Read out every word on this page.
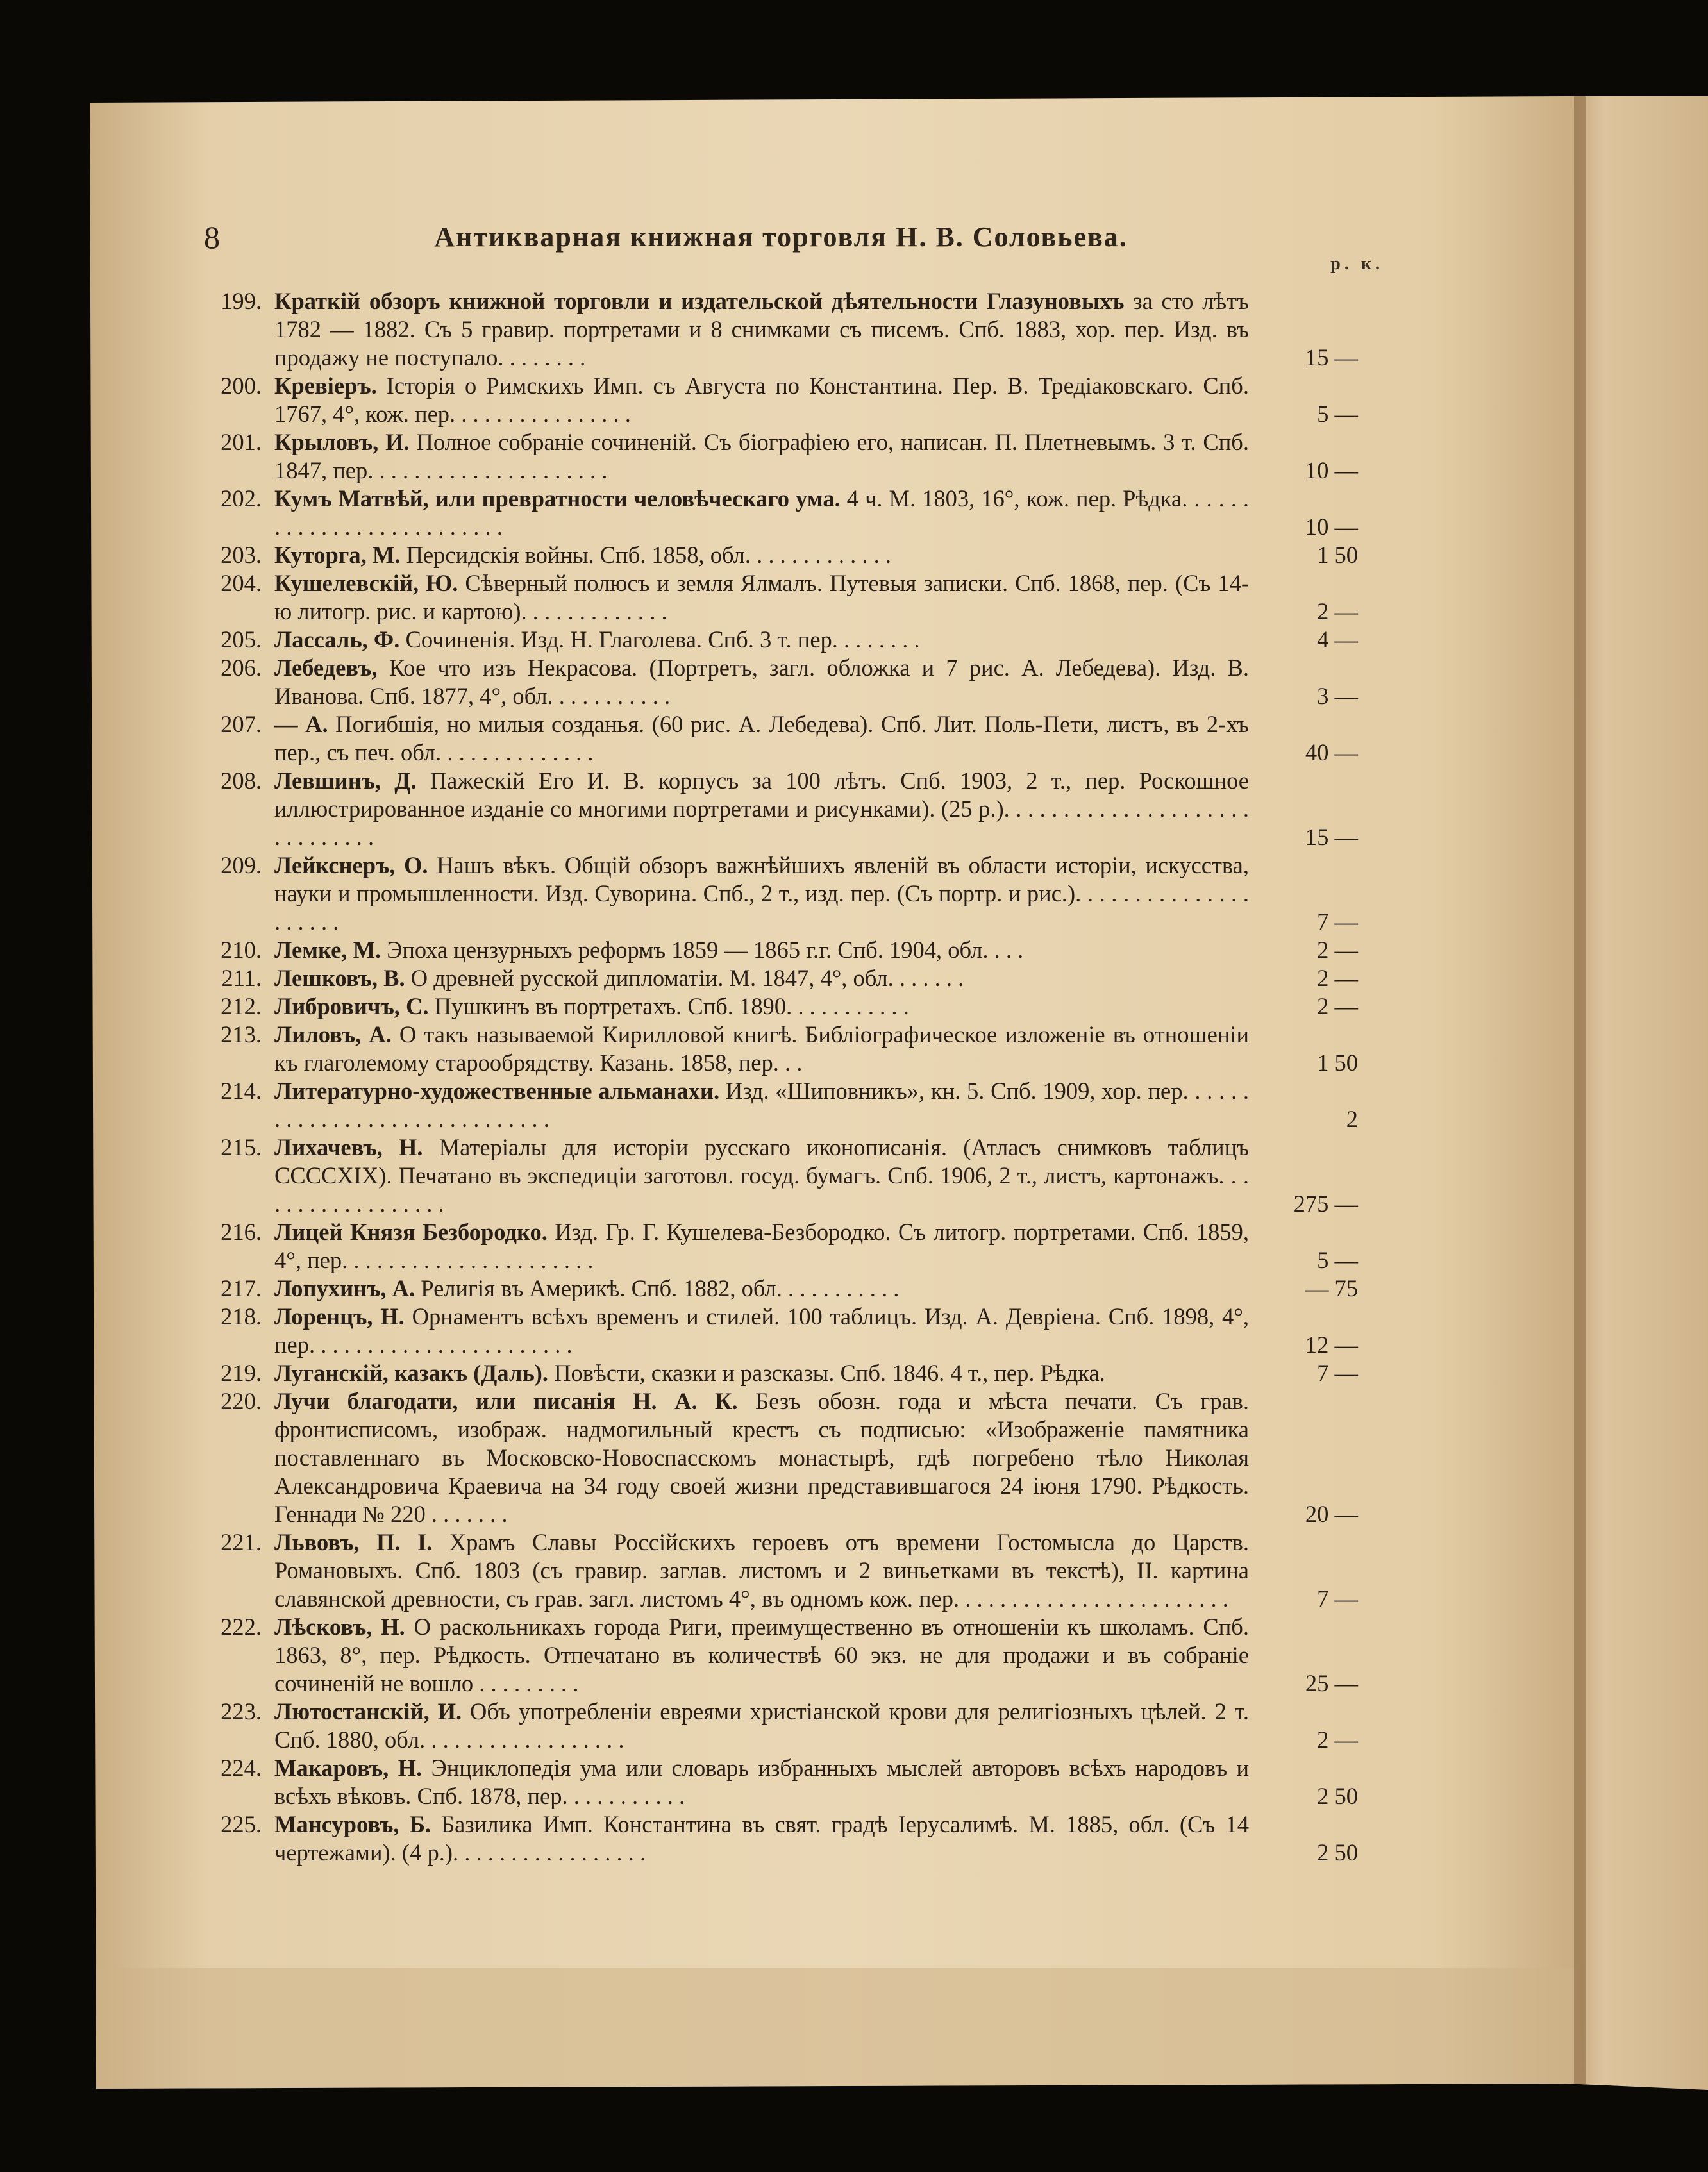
8	Антикварная книжная торговля Н. В. Соловьева.
р. к.
199. Краткій обзоръ книжной торговли и издательской дѣятельности Глазуновыхъ за сто лѣтъ 1782 — 1882. Съ 5 гравир. портретами и 8 снимками съ писемъ. Спб. 1883, хор. пер. Изд. въ продажу не поступало. . . . . . . .	15 —
200. Кревіеръ. Іcторія о Римскихъ Имп. съ Августа по Константина. Пер. В. Тредіаковскаго. Спб. 1767, 4°, кож. пер. . . . . . . . . . . . . . . .	5 —
201. Крыловъ, И. Полное собраніе сочиненій. Съ біографіею его, написан. П. Плетневымъ. 3 т. Спб. 1847, пер. . . . . . . . . . . . . . . . . . . . .	10 —
202. Кумъ Матвѣй, или превратности человѣческаго ума. 4 ч. М. 1803, 16°, кож. пер. Рѣдка. . . . . . . . . . . . . . . . . . . . . . . . . .	10 —
203. Куторга, М. Персидскія войны. Спб. 1858, обл. . . . . . . . . . . . .	1 50
204. Кушелевскій, Ю. Сѣверный полюсъ и земля Ялмалъ. Путевыя записки. Спб. 1868, пер. (Съ 14-ю литогр. рис. и картою). . . . . . . . . . . . .	2 —
205. Лассаль, Ф. Сочиненія. Изд. Н. Глаголева. Спб. 3 т. пер. . . . . . . .	4 —
206. Лебедевъ, Кое что изъ Некрасова. (Портретъ, загл. обложка и 7 рис. А. Лебедева). Изд. В. Иванова. Спб. 1877, 4°, обл. . . . . . . . . . .	3 —
207. — А. Погибшія, но милыя созданья. (60 рис. А. Лебедева). Спб. Лит. Поль-Пети, листъ, въ 2-хъ пер., съ печ. обл. . . . . . . . . . . . . .	40 —
208. Левшинъ, Д. Пажескій Его И. В. корпусъ за 100 лѣтъ. Спб. 1903, 2 т., пер. Роскошное иллюстрированное изданіе со многими портретами и рисунками). (25 р.). . . . . . . . . . . . . . . . . . . . . . . . . . . . . .	15 —
209. Лейкснеръ, О. Нашъ вѣкъ. Общій обзоръ важнѣйшихъ явленій въ области исторіи, искусства, науки и промышленности. Изд. Суворина. Спб., 2 т., изд. пер. (Съ портр. и рис.). . . . . . . . . . . . . . . . . . . . .	7 —
210. Лемке, М. Эпоха цензурныхъ реформъ 1859 — 1865 г.г. Спб. 1904, обл. . . .	2 —
211. Лешковъ, В. О древней русской дипломатіи. М. 1847, 4°, обл. . . . . . .	2 —
212. Либровичъ, С. Пушкинъ въ портретахъ. Спб. 1890. . . . . . . . . . .	2 —
213. Лиловъ, А. О такъ называемой Кирилловой книгѣ. Библіографическое изложеніе въ отношеніи къ глаголемому старообрядству. Казань. 1858, пер. . .	1 50
214. Литературно-художественные альманахи. Изд. «Шиповникъ», кн. 5. Спб. 1909, хор. пер. . . . . . . . . . . . . . . . . . . . . . . . . . . . . .	2
215. Лихачевъ, Н. Матеріалы для исторіи русскаго иконописанія. (Атласъ снимковъ таблицъ CCCCXIX). Печатано въ экспедиціи заготовл. госуд. бумагъ. Спб. 1906, 2 т., листъ, картонажъ. . . . . . . . . . . . . . . . . .	275 —
216. Лицей Князя Безбородко. Изд. Гр. Г. Кушелева-Безбородко. Съ литогр. портретами. Спб. 1859, 4°, пер. . . . . . . . . . . . . . . . . . . . . .	5 —
217. Лопухинъ, А. Религія въ Америкѣ. Спб. 1882, обл. . . . . . . . . . .	— 75
218. Лоренцъ, Н. Орнаментъ всѣхъ временъ и стилей. 100 таблицъ. Изд. А. Девріена. Спб. 1898, 4°, пер. . . . . . . . . . . . . . . . . . . . . . .	12 —
219. Луганскій, казакъ (Даль). Повѣсти, сказки и разсказы. Спб. 1846. 4 т., пер. Рѣдка.	7 —
220. Лучи благодати, или писанія Н. А. К. Безъ обозн. года и мѣста печати. Съ грав. фронтисписомъ, изображ. надмогильный крестъ съ подписью: «Изображеніе памятника поставленнаго въ Московско-Новоспасскомъ монастырѣ, гдѣ погребено тѣло Николая Александровича Краевича на 34 году своей жизни представившагося 24 іюня 1790. Рѣдкость. Геннади № 220 . . . . . . .	20 —
221. Львовъ, П. І. Храмъ Славы Россійскихъ героевъ отъ времени Гостомысла до Царств. Романовыхъ. Спб. 1803 (съ гравир. заглав. листомъ и 2 виньетками въ текстѣ), II. картина славянской древности, съ грав. загл. листомъ 4°, въ одномъ кож. пер. . . . . . . . . . . . . . . . . . . . . . . .	7 —
222. Лѣсковъ, Н. О раскольникахъ города Риги, преимущественно въ отношеніи къ школамъ. Спб. 1863, 8°, пер. Рѣдкость. Отпечатано въ количествѣ 60 экз. не для продажи и въ собраніе сочиненій не вошло . . . . . . . . .	25 —
223. Лютостанскій, И. Объ употребленіи евреями христіанской крови для религіозныхъ цѣлей. 2 т. Спб. 1880, обл. . . . . . . . . . . . . . . . . .	2 —
224. Макаровъ, Н. Энциклопедія ума или словарь избранныхъ мыслей авторовъ всѣхъ народовъ и всѣхъ вѣковъ. Спб. 1878, пер. . . . . . . . . . .	2 50
225. Мансуровъ, Б. Базилика Имп. Константина въ свят. градѣ Іерусалимѣ. М. 1885, обл. (Съ 14 чертежами). (4 р.). . . . . . . . . . . . . . . . .	2 50
